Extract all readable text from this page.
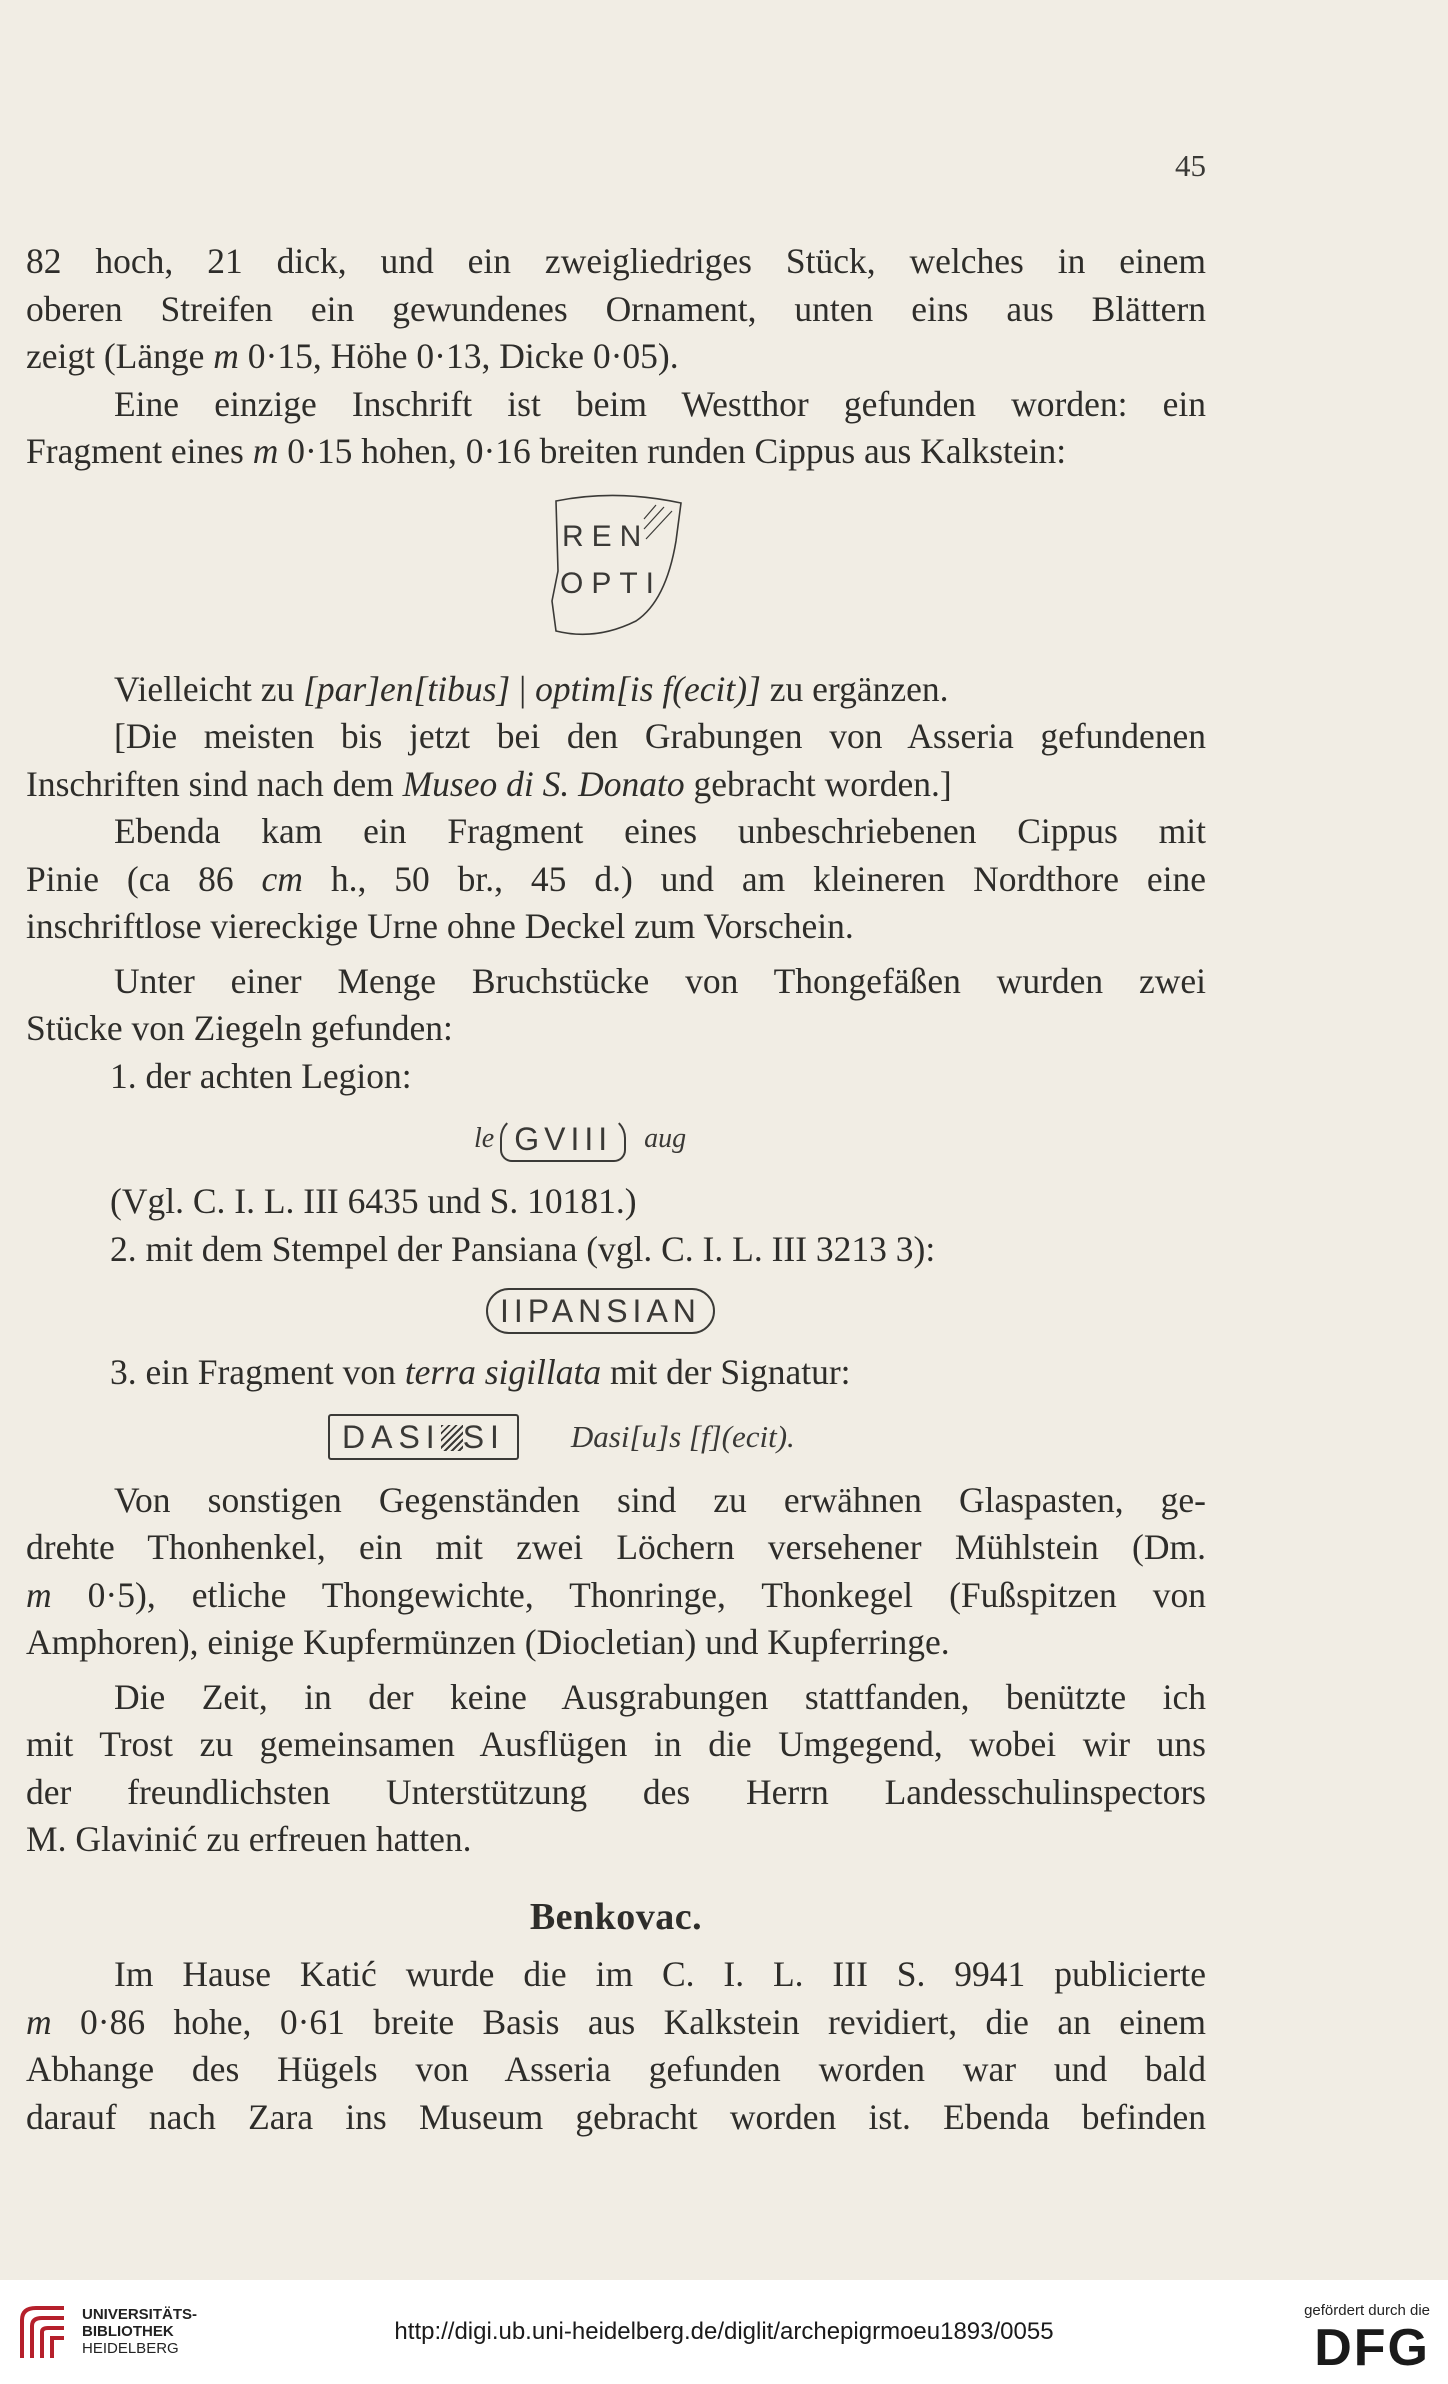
45

82 hoch, 21 dick, und ein zweigliedriges Stück, welches in einem

oberen Streifen ein gewundenes Ornament, unten eins aus Blättern

zeigt (Länge m 0·15, Höhe 0·13, Dicke 0·05).

Eine einzige Inschrift ist beim Westthor gefunden worden: ein

Fragment eines m 0·15 hohen, 0·16 breiten runden Cippus aus Kalkstein:

REN
OPTI

Vielleicht zu [par]en[tibus] | optim[is f(ecit)] zu ergänzen.

[Die meisten bis jetzt bei den Grabungen von Asseria gefundenen

Inschriften sind nach dem Museo di S. Donato gebracht worden.]

Ebenda kam ein Fragment eines unbeschriebenen Cippus mit

Pinie (ca 86 cm h., 50 br., 45 d.) und am kleineren Nordthore eine

inschriftlose viereckige Urne ohne Deckel zum Vorschein.

Unter einer Menge Bruchstücke von Thongefäßen wurden zwei

Stücke von Ziegeln gefunden:

1. der achten Legion:

le GVIII	aug

(Vgl. C. I. L. III 6435 und S. 10181.)

2. mit dem Stempel der Pansiana (vgl. C. I. L. III 3213 3):

IIPANSIAN

3. ein Fragment von terra sigillata mit der Signatur:

DASI SI	Dasi[u]s [f](ecit).

Von sonstigen Gegenständen sind zu erwähnen Glaspasten, ge-

drehte Thonhenkel, ein mit zwei Löchern versehener Mühlstein (Dm.

m 0·5), etliche Thongewichte, Thonringe, Thonkegel (Fußspitzen von

Amphoren), einige Kupfermünzen (Diocletian) und Kupferringe.

Die Zeit, in der keine Ausgrabungen stattfanden, benützte ich

mit Trost zu gemeinsamen Ausflügen in die Umgegend, wobei wir uns

der freundlichsten Unterstützung des Herrn Landesschulinspectors

M. Glavinić zu erfreuen hatten.

Benkovac.

Im Hause Katić wurde die im C. I. L. III S. 9941 publicierte

m 0·86 hohe, 0·61 breite Basis aus Kalkstein revidiert, die an einem

Abhange des Hügels von Asseria gefunden worden war und bald

darauf nach Zara ins Museum gebracht worden ist. Ebenda befinden

UNIVERSITÄTS-
BIBLIOTHEK
HEIDELBERG
http://digi.ub.uni-heidelberg.de/diglit/archepigrmoeu1893/0055
gefördert durch die
DFG
